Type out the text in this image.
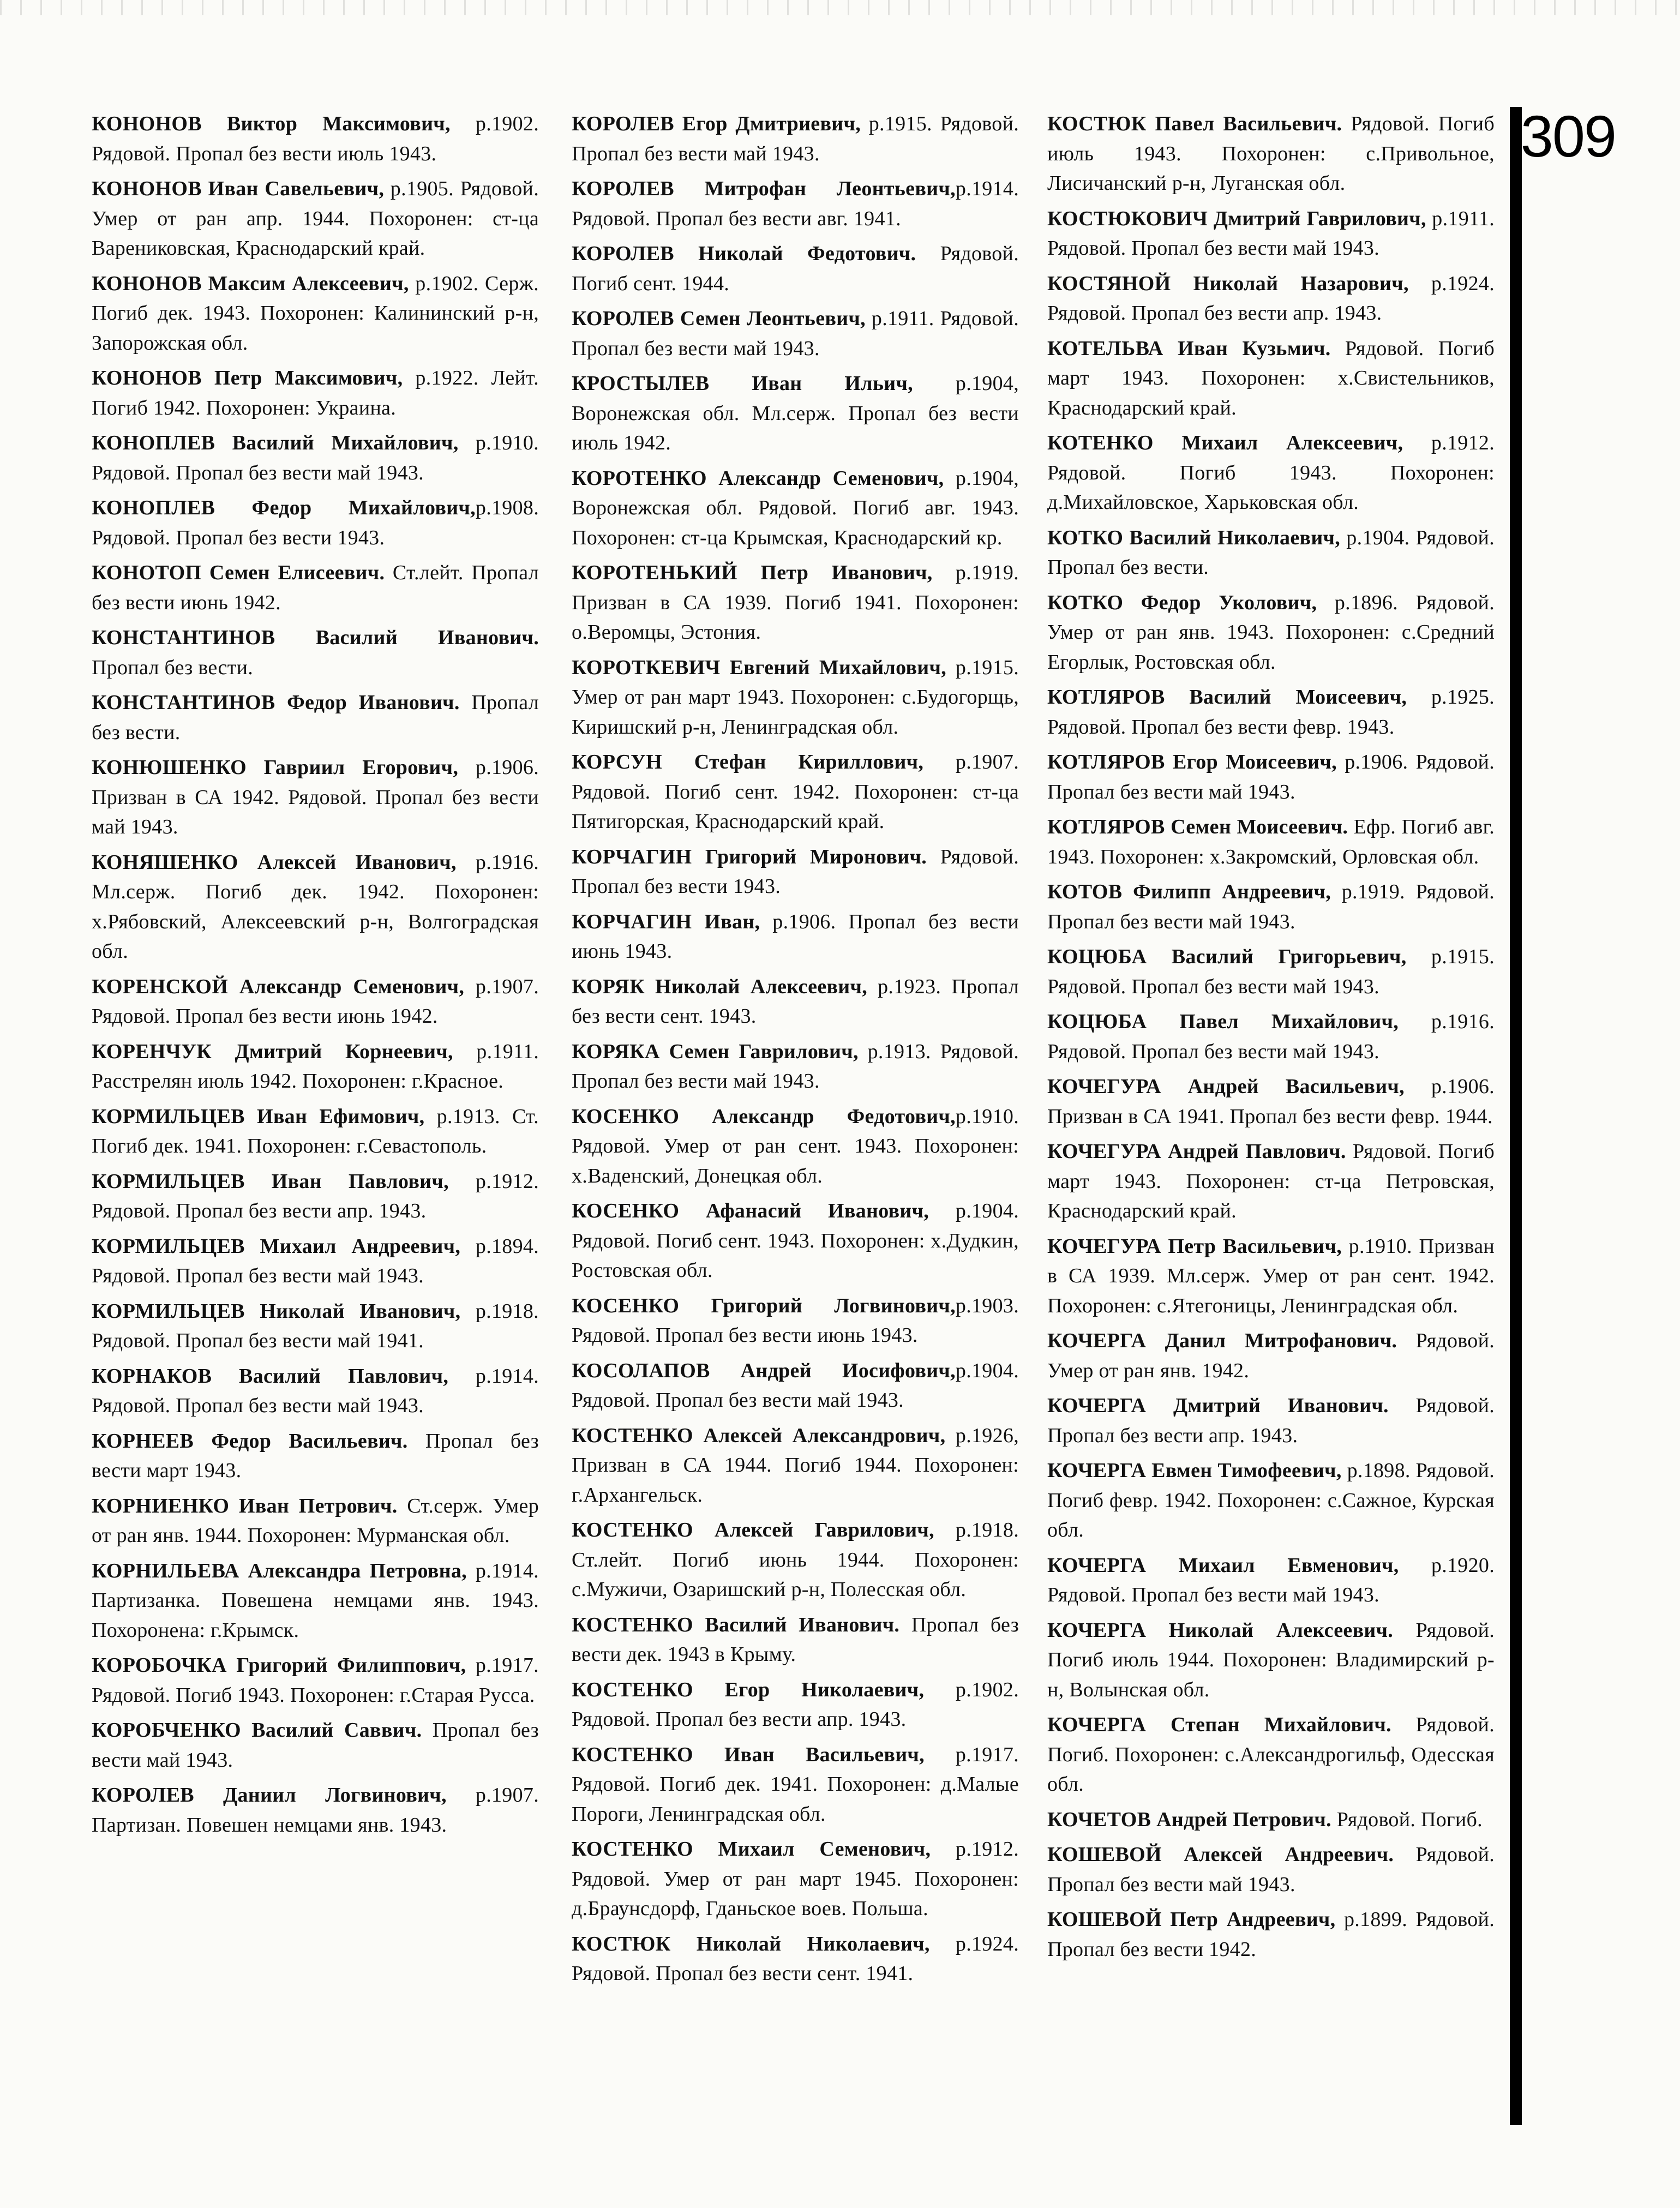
КОНОНОВ Виктор Максимович, р.1902. Рядовой. Пропал без вести июль 1943.

КОНОНОВ Иван Савельевич, р.1905. Рядовой. Умер от ран апр. 1944. Похоронен: ст-ца Варениковская, Краснодарский край.

КОНОНОВ Максим Алексеевич, р.1902. Серж. Погиб дек. 1943. Похоронен: Калининский р-н, Запорожская обл.

КОНОНОВ Петр Максимович, р.1922. Лейт. Погиб 1942. Похоронен: Украина.

КОНОПЛЕВ Василий Михайлович, р.1910. Рядовой. Пропал без вести май 1943.

КОНОПЛЕВ Федор Михайлович,р.1908. Рядовой. Пропал без вести 1943.

КОНОТОП Семен Елисеевич. Ст.лейт. Пропал без вести июнь 1942.

КОНСТАНТИНОВ Василий Иванович. Пропал без вести.

КОНСТАНТИНОВ Федор Иванович. Пропал без вести.

КОНЮШЕНКО Гавриил Егорович, р.1906. Призван в СА 1942. Рядовой. Пропал без вести май 1943.

КОНЯШЕНКО Алексей Иванович, р.1916. Мл.серж. Погиб дек. 1942. Похоронен: х.Рябовский, Алексеевский р-н, Волгоградская обл.

КОРЕНСКОЙ Александр Семенович, р.1907. Рядовой. Пропал без вести июнь 1942.

КОРЕНЧУК Дмитрий Корнеевич, р.1911. Расстрелян июль 1942. Похоронен: г.Красное.

КОРМИЛЬЦЕВ Иван Ефимович, р.1913. Ст. Погиб дек. 1941. Похоронен: г.Севастополь.

КОРМИЛЬЦЕВ Иван Павлович, р.1912. Рядовой. Пропал без вести апр. 1943.

КОРМИЛЬЦЕВ Михаил Андреевич, р.1894. Рядовой. Пропал без вести май 1943.

КОРМИЛЬЦЕВ Николай Иванович, р.1918. Рядовой. Пропал без вести май 1941.

КОРНАКОВ Василий Павлович, р.1914. Рядовой. Пропал без вести май 1943.

КОРНЕЕВ Федор Васильевич. Пропал без вести март 1943.

КОРНИЕНКО Иван Петрович. Ст.серж. Умер от ран янв. 1944. Похоронен: Мурманская обл.

КОРНИЛЬЕВА Александра Петровна, р.1914. Партизанка. Повешена немцами янв. 1943. Похоронена: г.Крымск.

КОРОБОЧКА Григорий Филиппович, р.1917. Рядовой. Погиб 1943. Похоронен: г.Старая Русса.

КОРОБЧЕНКО Василий Саввич. Пропал без вести май 1943.

КОРОЛЕВ Даниил Логвинович, р.1907. Партизан. Повешен немцами янв. 1943.

КОРОЛЕВ Егор Дмитриевич, р.1915. Рядовой. Пропал без вести май 1943.

КОРОЛЕВ Митрофан Леонтьевич,р.1914. Рядовой. Пропал без вести авг. 1941.

КОРОЛЕВ Николай Федотович. Рядовой. Погиб сент. 1944.

КОРОЛЕВ Семен Леонтьевич, р.1911. Рядовой. Пропал без вести май 1943.

КРОСТЫЛЕВ Иван Ильич, р.1904, Воронежская обл. Мл.серж. Пропал без вести июль 1942.

КОРОТЕНКО Александр Семенович, р.1904, Воронежская обл. Рядовой. Погиб авг. 1943. Похоронен: ст-ца Крымская, Краснодарский кр.

КОРОТЕНЬКИЙ Петр Иванович, р.1919. Призван в СА 1939. Погиб 1941. Похоронен: о.Веромцы, Эстония.

КОРОТКЕВИЧ Евгений Михайлович, р.1915. Умер от ран март 1943. Похоронен: с.Будогорщь, Киришский р-н, Ленинградская обл.

КОРСУН Стефан Кириллович, р.1907. Рядовой. Погиб сент. 1942. Похоронен: ст-ца Пятигорская, Краснодарский край.

КОРЧАГИН Григорий Миронович. Рядовой. Пропал без вести 1943.

КОРЧАГИН Иван, р.1906. Пропал без вести июнь 1943.

КОРЯК Николай Алексеевич, р.1923. Пропал без вести сент. 1943.

КОРЯКА Семен Гаврилович, р.1913. Рядовой. Пропал без вести май 1943.

КОСЕНКО Александр Федотович,р.1910. Рядовой. Умер от ран сент. 1943. Похоронен: х.Ваденский, Донецкая обл.

КОСЕНКО Афанасий Иванович, р.1904. Рядовой. Погиб сент. 1943. Похоронен: х.Дудкин, Ростовская обл.

КОСЕНКО Григорий Логвинович,р.1903. Рядовой. Пропал без вести июнь 1943.

КОСОЛАПОВ Андрей Иосифович,р.1904. Рядовой. Пропал без вести май 1943.

КОСТЕНКО Алексей Александрович, р.1926, Призван в СА 1944. Погиб 1944. Похоронен: г.Архангельск.

КОСТЕНКО Алексей Гаврилович, р.1918. Ст.лейт. Погиб июнь 1944. Похоронен: с.Мужичи, Озаришский р-н, Полесская обл.

КОСТЕНКО Василий Иванович. Пропал без вести дек. 1943 в Крыму.

КОСТЕНКО Егор Николаевич, р.1902. Рядовой. Пропал без вести апр. 1943.

КОСТЕНКО Иван Васильевич, р.1917. Рядовой. Погиб дек. 1941. Похоронен: д.Малые Пороги, Ленинградская обл.

КОСТЕНКО Михаил Семенович, р.1912. Рядовой. Умер от ран март 1945. Похоронен: д.Браунсдорф, Гданьское воев. Польша.

КОСТЮК Николай Николаевич, р.1924. Рядовой. Пропал без вести сент. 1941.

КОСТЮК Павел Васильевич. Рядовой. Погиб июль 1943. Похоронен: с.Привольное, Лисичанский р-н, Луганская обл.

КОСТЮКОВИЧ Дмитрий Гаврилович, р.1911. Рядовой. Пропал без вести май 1943.

КОСТЯНОЙ Николай Назарович, р.1924. Рядовой. Пропал без вести апр. 1943.

КОТЕЛЬВА Иван Кузьмич. Рядовой. Погиб март 1943. Похоронен: х.Свистельников, Краснодарский край.

КОТЕНКО Михаил Алексеевич, р.1912. Рядовой. Погиб 1943. Похоронен: д.Михайловское, Харьковская обл.

КОТКО Василий Николаевич, р.1904. Рядовой. Пропал без вести.

КОТКО Федор Уколович, р.1896. Рядовой. Умер от ран янв. 1943. Похоронен: с.Средний Егорлык, Ростовская обл.

КОТЛЯРОВ Василий Моисеевич, р.1925. Рядовой. Пропал без вести февр. 1943.

КОТЛЯРОВ Егор Моисеевич, р.1906. Рядовой. Пропал без вести май 1943.

КОТЛЯРОВ Семен Моисеевич. Ефр. Погиб авг. 1943. Похоронен: х.Закромский, Орловская обл.

КОТОВ Филипп Андреевич, р.1919. Рядовой. Пропал без вести май 1943.

КОЦЮБА Василий Григорьевич, р.1915. Рядовой. Пропал без вести май 1943.

КОЦЮБА Павел Михайлович, р.1916. Рядовой. Пропал без вести май 1943.

КОЧЕГУРА Андрей Васильевич, р.1906. Призван в СА 1941. Пропал без вести февр. 1944.

КОЧЕГУРА Андрей Павлович. Рядовой. Погиб март 1943. Похоронен: ст-ца Петровская, Краснодарский край.

КОЧЕГУРА Петр Васильевич, р.1910. Призван в СА 1939. Мл.серж. Умер от ран сент. 1942. Похоронен: с.Ятегоницы, Ленинградская обл.

КОЧЕРГА Данил Митрофанович. Рядовой. Умер от ран янв. 1942.

КОЧЕРГА Дмитрий Иванович. Рядовой. Пропал без вести апр. 1943.

КОЧЕРГА Евмен Тимофеевич, р.1898. Рядовой. Погиб февр. 1942. Похоронен: с.Сажное, Курская обл.

КОЧЕРГА Михаил Евменович, р.1920. Рядовой. Пропал без вести май 1943.

КОЧЕРГА Николай Алексеевич. Рядовой. Погиб июль 1944. Похоронен: Владимирский р-н, Волынская обл.

КОЧЕРГА Степан Михайлович. Рядовой. Погиб. Похоронен: с.Александрогильф, Одесская обл.

КОЧЕТОВ Андрей Петрович. Рядовой. Погиб.

КОШЕВОЙ Алексей Андреевич. Рядовой. Пропал без вести май 1943.

КОШЕВОЙ Петр Андреевич, р.1899. Рядовой. Пропал без вести 1942.

309
